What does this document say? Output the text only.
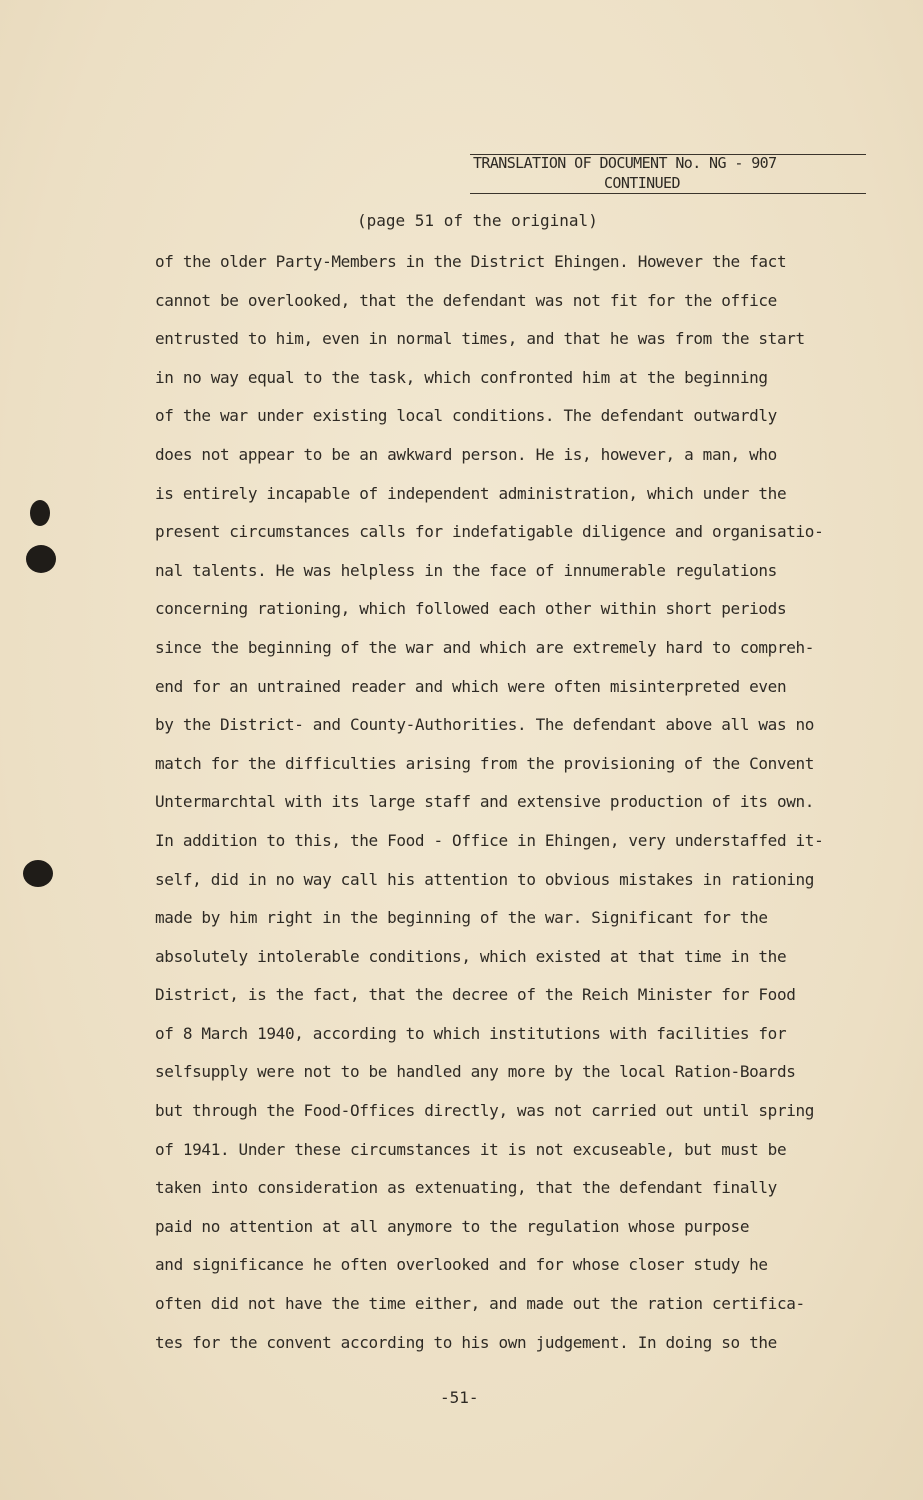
TRANSLATION OF DOCUMENT No. NG - 907
CONTINUED
(page 51 of the original)
of the older Party-Members in the District Ehingen. However the fact
cannot be overlooked, that the defendant was not fit for the office
entrusted to him, even in normal times, and that he was from the start
in no way equal to the task, which confronted him at the beginning
of the war under existing local conditions. The defendant outwardly
does not appear to be an awkward person. He is, however, a man, who
is entirely incapable of independent administration, which under the
present circumstances calls for indefatigable diligence and organisatio-
nal talents. He was helpless in the face of innumerable regulations
concerning rationing, which followed each other within short periods
since the beginning of the war and which are extremely hard to compreh-
end for an untrained reader and which were often misinterpreted even
by the District- and County-Authorities. The defendant above all was no
match for the difficulties arising from the provisioning of the Convent
Untermarchtal with its large staff and extensive production of its own.
In addition to this, the Food - Office in Ehingen, very understaffed it-
self, did in no way call his attention to obvious mistakes in rationing
made by him right in the beginning of the war. Significant for the
absolutely intolerable conditions, which existed at that time in the
District, is the fact, that the decree of the Reich Minister for Food
of 8 March 1940, according to which institutions with facilities for
selfsupply were not to be handled any more by the local Ration-Boards
but through the Food-Offices directly, was not carried out until spring
of 1941. Under these circumstances it is not excuseable, but must be
taken into consideration as extenuating, that the defendant finally
paid no attention at all anymore to the regulation whose purpose
and significance he often overlooked and for whose closer study he
often did not have the time either, and made out the ration certifica-
tes for the convent according to his own judgement. In doing so the
-51-
